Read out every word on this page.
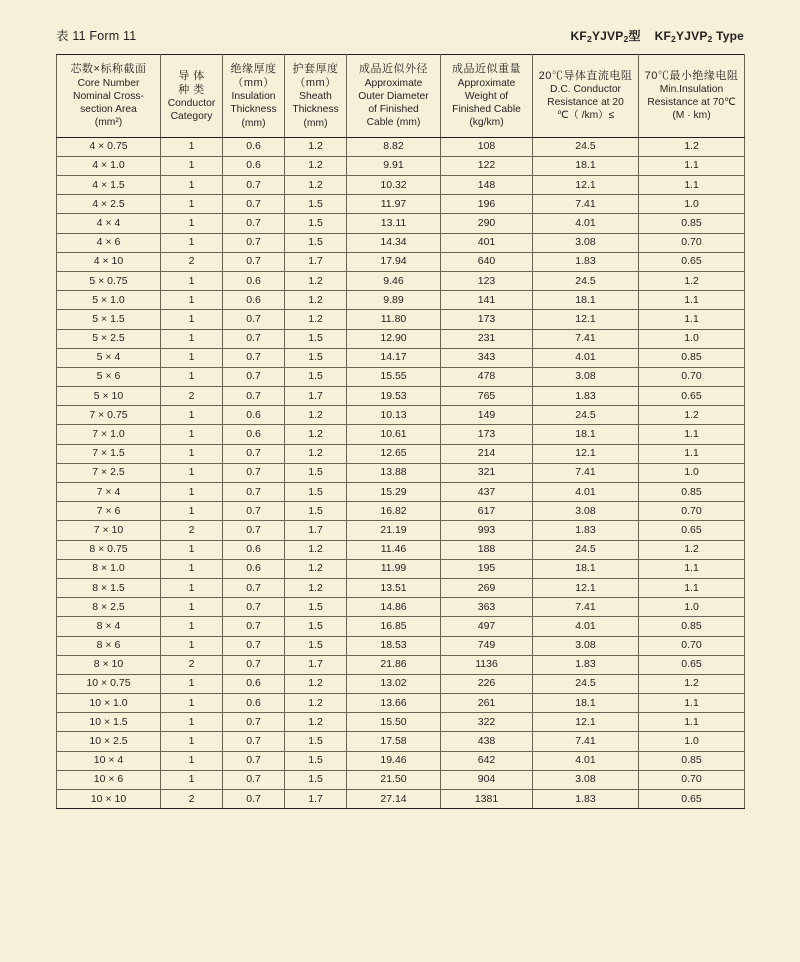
表 11 Form 11	$KF_2YJVP_2$型 $KF_2YJVP_2$ Type
芯数×标称截面
Core Number
Nominal Cross-
section Area
(mm²)	导 体
种 类
Conductor
Category	绝缘厚度
（mm）
Insulation
Thickness
(mm)	护套厚度
（mm）
Sheath
Thickness
(mm)	成品近似外径
Approximate
Outer Diameter
of Finished
Cable (mm)	成品近似重量
Approximate
Weight of
Finished Cable
(kg/km)	20℃导体直流电阻
D.C. Conductor
Resistance at 20
℃（ /km）≤	70℃最小绝缘电阻
Min.Insulation
Resistance at 70℃
(M · km)

4 × 0.75	1	0.6	1.2	8.82	108	24.5	1.2
4 × 1.0	1	0.6	1.2	9.91	122	18.1	1.1
4 × 1.5	1	0.7	1.2	10.32	148	12.1	1.1
4 × 2.5	1	0.7	1.5	11.97	196	7.41	1.0
4 × 4	1	0.7	1.5	13.11	290	4.01	0.85
4 × 6	1	0.7	1.5	14.34	401	3.08	0.70
4 × 10	2	0.7	1.7	17.94	640	1.83	0.65
5 × 0.75	1	0.6	1.2	9.46	123	24.5	1.2
5 × 1.0	1	0.6	1.2	9.89	141	18.1	1.1
5 × 1.5	1	0.7	1.2	11.80	173	12.1	1.1
5 × 2.5	1	0.7	1.5	12.90	231	7.41	1.0
5 × 4	1	0.7	1.5	14.17	343	4.01	0.85
5 × 6	1	0.7	1.5	15.55	478	3.08	0.70
5 × 10	2	0.7	1.7	19.53	765	1.83	0.65
7 × 0.75	1	0.6	1.2	10.13	149	24.5	1.2
7 × 1.0	1	0.6	1.2	10.61	173	18.1	1.1
7 × 1.5	1	0.7	1.2	12.65	214	12.1	1.1
7 × 2.5	1	0.7	1.5	13.88	321	7.41	1.0
7 × 4	1	0.7	1.5	15.29	437	4.01	0.85
7 × 6	1	0.7	1.5	16.82	617	3.08	0.70
7 × 10	2	0.7	1.7	21.19	993	1.83	0.65
8 × 0.75	1	0.6	1.2	11.46	188	24.5	1.2
8 × 1.0	1	0.6	1.2	11.99	195	18.1	1.1
8 × 1.5	1	0.7	1.2	13.51	269	12.1	1.1
8 × 2.5	1	0.7	1.5	14.86	363	7.41	1.0
8 × 4	1	0.7	1.5	16.85	497	4.01	0.85
8 × 6	1	0.7	1.5	18.53	749	3.08	0.70
8 × 10	2	0.7	1.7	21.86	1136	1.83	0.65
10 × 0.75	1	0.6	1.2	13.02	226	24.5	1.2
10 × 1.0	1	0.6	1.2	13.66	261	18.1	1.1
10 × 1.5	1	0.7	1.2	15.50	322	12.1	1.1
10 × 2.5	1	0.7	1.5	17.58	438	7.41	1.0
10 × 4	1	0.7	1.5	19.46	642	4.01	0.85
10 × 6	1	0.7	1.5	21.50	904	3.08	0.70
10 × 10	2	0.7	1.7	27.14	1381	1.83	0.65
